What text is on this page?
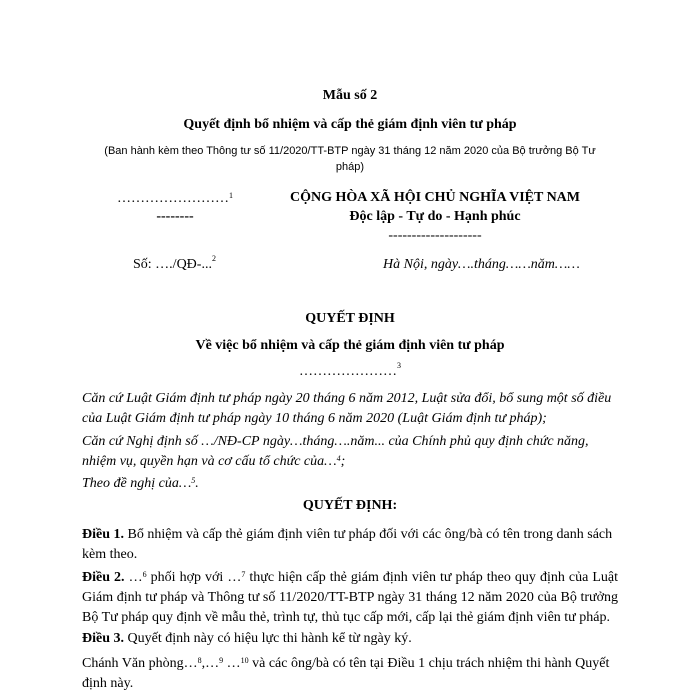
Mẫu số 2
Quyết định bổ nhiệm và cấp thẻ giám định viên tư pháp
(Ban hành kèm theo Thông tư số 11/2020/TT-BTP ngày 31 tháng 12 năm 2020 của Bộ trưởng Bộ Tư pháp)
……………………$^1$
--------
CỘNG HÒA XÃ HỘI CHỦ NGHĨA VIỆT NAM
Độc lập - Tự do - Hạnh phúc
--------------------
Số: …./QĐ-...$^2$	Hà Nội, ngày….tháng……năm……
QUYẾT ĐỊNH
Về việc bổ nhiệm và cấp thẻ giám định viên tư pháp
…………………$^3$
Căn cứ Luật Giám định tư pháp ngày 20 tháng 6 năm 2012, Luật sửa đổi, bổ sung một số điều của Luật Giám định tư pháp ngày 10 tháng 6 năm 2020 (Luật Giám định tư pháp);
Căn cứ Nghị định số …/NĐ-CP ngày…tháng….năm... của Chính phủ quy định chức năng, nhiệm vụ, quyền hạn và cơ cấu tổ chức của…$^4$;
Theo đề nghị của…$^5$.
QUYẾT ĐỊNH:
Điều 1. Bổ nhiệm và cấp thẻ giám định viên tư pháp đối với các ông/bà có tên trong danh sách kèm theo.
Điều 2. …$^6$ phối hợp với …$^7$ thực hiện cấp thẻ giám định viên tư pháp theo quy định của Luật Giám định tư pháp và Thông tư số 11/2020/TT-BTP ngày 31 tháng 12 năm 2020 của Bộ trưởng Bộ Tư pháp quy định về mẫu thẻ, trình tự, thủ tục cấp mới, cấp lại thẻ giám định viên tư pháp.
Điều 3. Quyết định này có hiệu lực thi hành kể từ ngày ký.
Chánh Văn phòng…$^8$,…$^9$ …$^{10}$ và các ông/bà có tên tại Điều 1 chịu trách nhiệm thi hành Quyết định này.
